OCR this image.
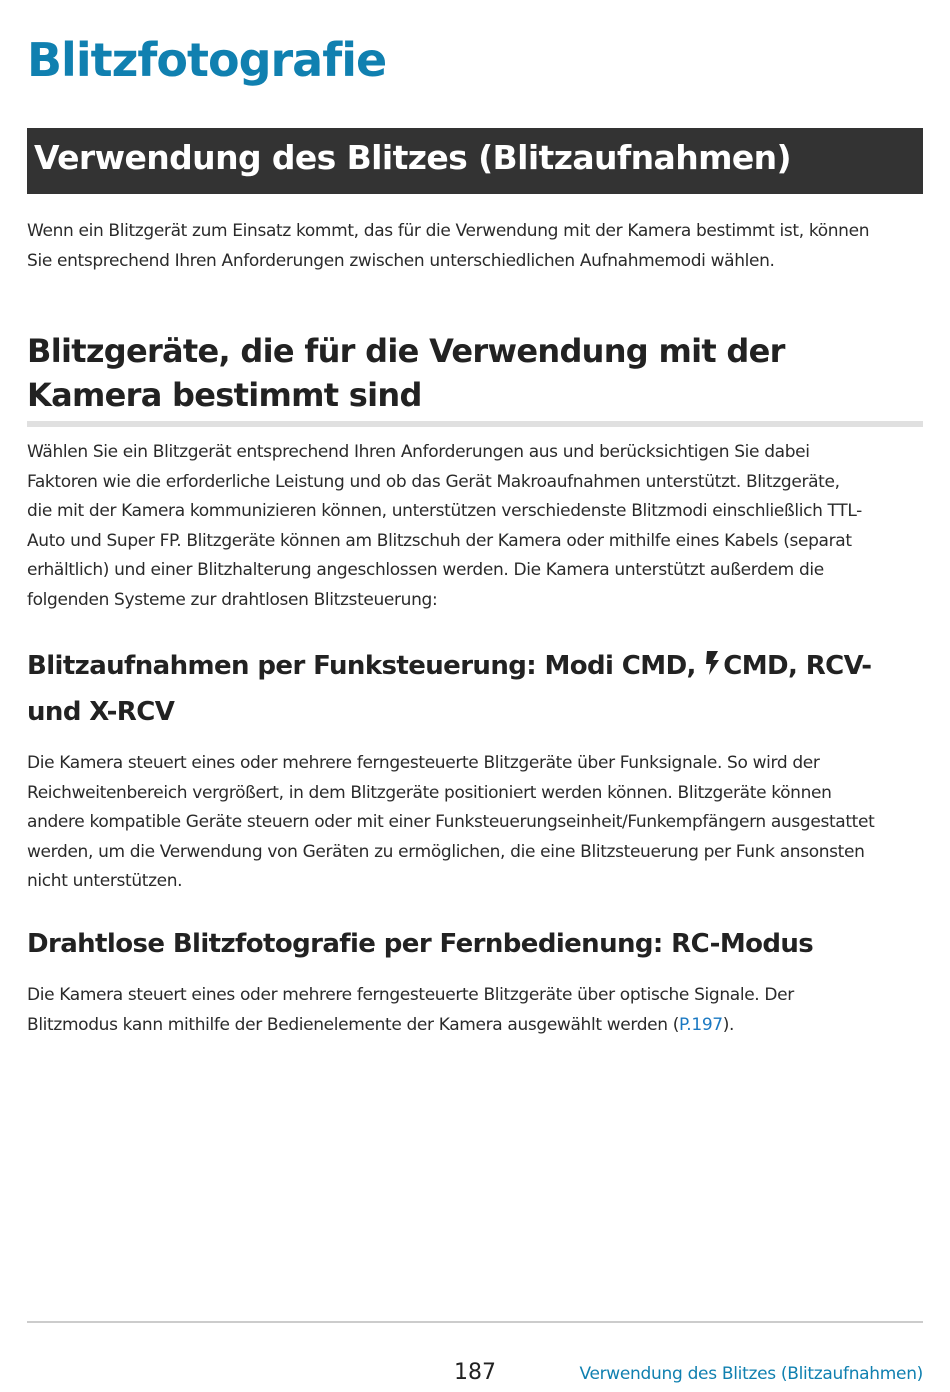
Blitzfotografie
Verwendung des Blitzes (Blitzaufnahmen)

Wenn ein Blitzgerät zum Einsatz kommt, das für die Verwendung mit der Kamera bestimmt ist, können
Sie entsprechend Ihren Anforderungen zwischen unterschiedlichen Aufnahmemodi wählen.

Blitzgeräte, die für die Verwendung mit der
Kamera bestimmt sind

Wählen Sie ein Blitzgerät entsprechend Ihren Anforderungen aus und berücksichtigen Sie dabei
Faktoren wie die erforderliche Leistung und ob das Gerät Makroaufnahmen unterstützt. Blitzgeräte,
die mit der Kamera kommunizieren können, unterstützen verschiedenste Blitzmodi einschließlich TTL-
Auto und Super FP. Blitzgeräte können am Blitzschuh der Kamera oder mithilfe eines Kabels (separat
erhältlich) und einer Blitzhalterung angeschlossen werden. Die Kamera unterstützt außerdem die
folgenden Systeme zur drahtlosen Blitzsteuerung:

Blitzaufnahmen per Funksteuerung: Modi CMD, CMD, RCV-
und X-RCV

Die Kamera steuert eines oder mehrere ferngesteuerte Blitzgeräte über Funksignale. So wird der
Reichweitenbereich vergrößert, in dem Blitzgeräte positioniert werden können. Blitzgeräte können
andere kompatible Geräte steuern oder mit einer Funksteuerungseinheit/Funkempfängern ausgestattet
werden, um die Verwendung von Geräten zu ermöglichen, die eine Blitzsteuerung per Funk ansonsten
nicht unterstützen.

Drahtlose Blitzfotografie per Fernbedienung: RC-Modus

Die Kamera steuert eines oder mehrere ferngesteuerte Blitzgeräte über optische Signale. Der
Blitzmodus kann mithilfe der Bedienelemente der Kamera ausgewählt werden (P.197).

187	Verwendung des Blitzes (Blitzaufnahmen)
